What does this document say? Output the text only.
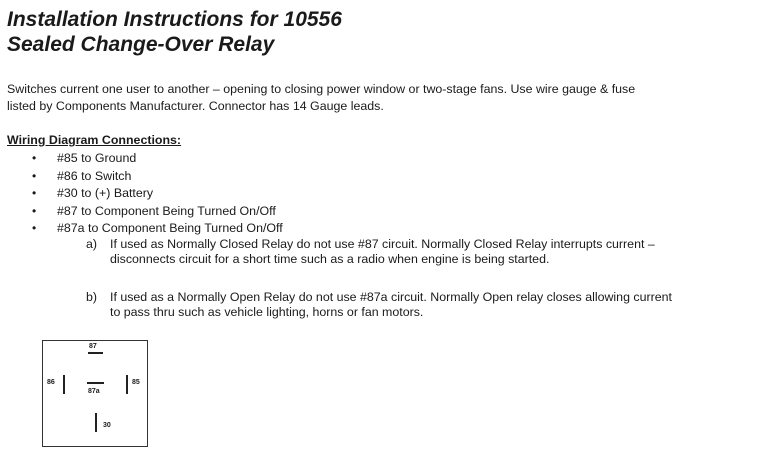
Installation Instructions for 10556
Sealed Change-Over Relay

Switches current one user to another – opening to closing power window or two-stage fans. Use wire gauge & fuse
listed by Components Manufacturer. Connector has 14 Gauge leads.

Wiring Diagram Connections:
• #85 to Ground
• #86 to Switch
• #30 to (+) Battery
• #87 to Component Being Turned On/Off
• #87a to Component Being Turned On/Off
a) If used as Normally Closed Relay do not use #87 circuit. Normally Closed Relay interrupts current –
disconnects circuit for a short time such as a radio when engine is being started.
b) If used as a Normally Open Relay do not use #87a circuit. Normally Open relay closes allowing current
to pass thru such as vehicle lighting, horns or fan motors.
87
87a
86	85
30
